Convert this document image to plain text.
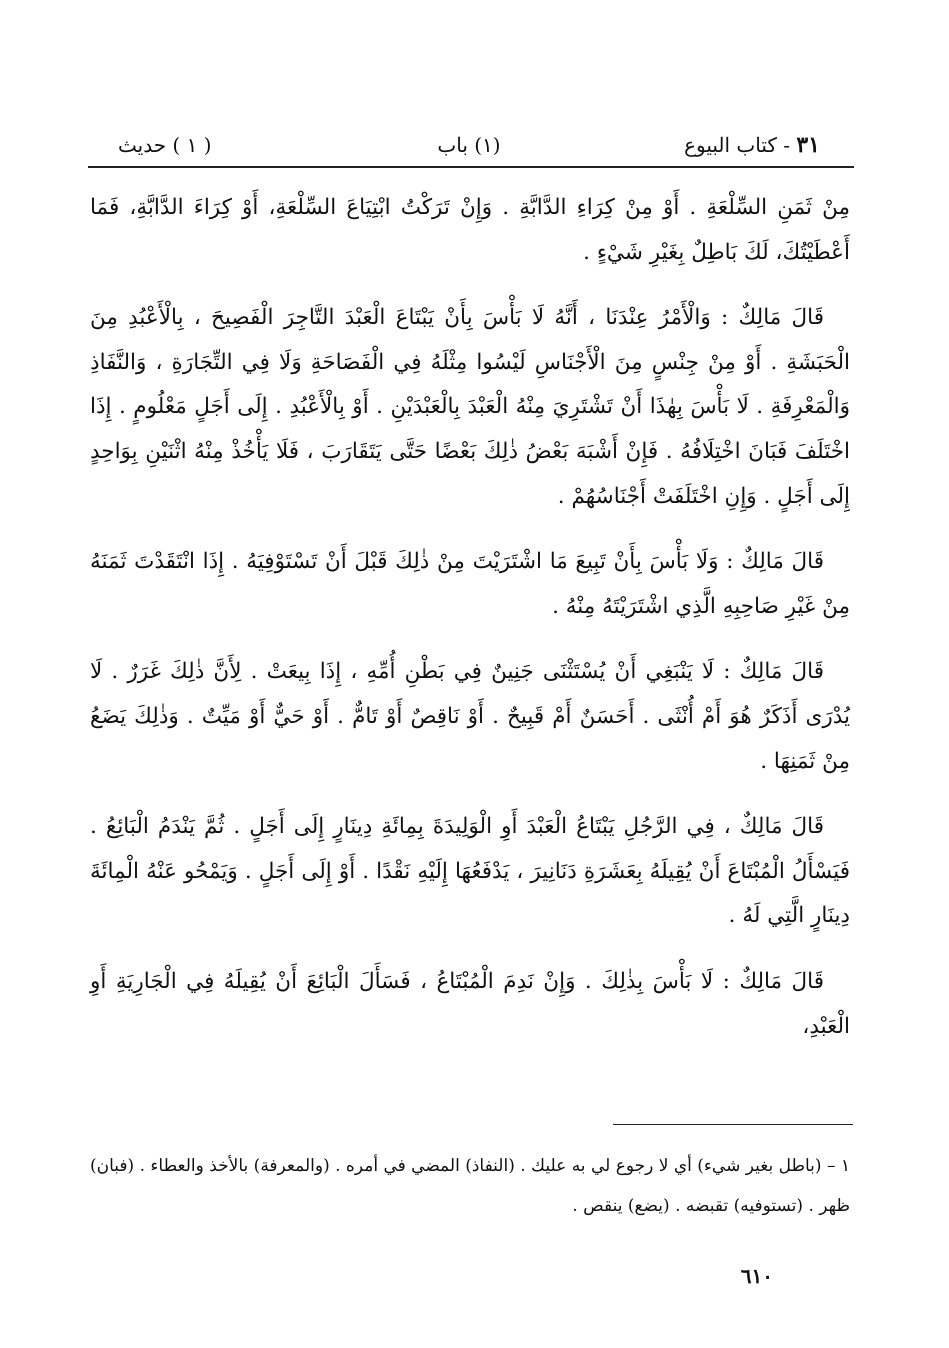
٣١ - كتاب البيوع
(١) باب
( ١ ) حديث

مِنْ ثَمَنِ السِّلْعَةِ . أَوْ مِنْ كِرَاءِ الدَّابَّةِ . وَإِنْ تَرَكْتُ ابْتِيَاعَ السِّلْعَةِ، أَوْ كِرَاءَ الدَّابَّةِ، فَمَا أَعْطَيْتُكَ، لَكَ بَاطِلٌ بِغَيْرِ شَيْءٍ .

قَالَ مَالِكٌ : وَالْأَمْرُ عِنْدَنَا ، أَنَّهُ لَا بَأْسَ بِأَنْ يَبْتَاعَ الْعَبْدَ التَّاجِرَ الْفَصِيحَ ، بِالْأَعْبُدِ مِنَ الْحَبَشَةِ . أَوْ مِنْ جِنْسٍ مِنَ الْأَجْنَاسِ لَيْسُوا مِثْلَهُ فِي الْفَصَاحَةِ وَلَا فِي التِّجَارَةِ ، وَالنَّفَاذِ وَالْمَعْرِفَةِ . لَا بَأْسَ بِهٰذَا أَنْ تَشْتَرِيَ مِنْهُ الْعَبْدَ بِالْعَبْدَيْنِ . أَوْ بِالْأَعْبُدِ . إِلَى أَجَلٍ مَعْلُومٍ . إِذَا اخْتَلَفَ فَبَانَ اخْتِلَافُهُ . فَإِنْ أَشْبَهَ بَعْضُ ذٰلِكَ بَعْضًا حَتَّى يَتَقَارَبَ ، فَلَا يَأْخُذْ مِنْهُ اثْنَيْنِ بِوَاحِدٍ إِلَى أَجَلٍ . وَإِنِ اخْتَلَفَتْ أَجْنَاسُهُمْ .

قَالَ مَالِكٌ : وَلَا بَأْسَ بِأَنْ تَبِيعَ مَا اشْتَرَيْتَ مِنْ ذٰلِكَ قَبْلَ أَنْ تَسْتَوْفِيَهُ . إِذَا انْتَقَدْتَ ثَمَنَهُ مِنْ غَيْرِ صَاحِبِهِ الَّذِي اشْتَرَيْتَهُ مِنْهُ .

قَالَ مَالِكٌ : لَا يَنْبَغِي أَنْ يُسْتَثْنَى جَنِينٌ فِي بَطْنِ أُمِّهِ ، إِذَا بِيعَتْ . لِأَنَّ ذٰلِكَ غَرَرٌ . لَا يُدْرَى أَذَكَرٌ هُوَ أَمْ أُنْثَى . أَحَسَنٌ أَمْ قَبِيحٌ . أَوْ نَاقِصٌ أَوْ تَامٌّ . أَوْ حَيٌّ أَوْ مَيِّتٌ . وَذٰلِكَ يَضَعُ مِنْ ثَمَنِهَا .

قَالَ مَالِكٌ ، فِي الرَّجُلِ يَبْتَاعُ الْعَبْدَ أَوِ الْوَلِيدَةَ بِمِائَةِ دِينَارٍ إِلَى أَجَلٍ . ثُمَّ يَنْدَمُ الْبَائِعُ . فَيَسْأَلُ الْمُبْتَاعَ أَنْ يُقِيلَهُ بِعَشَرَةِ دَنَانِيرَ ، يَدْفَعُهَا إِلَيْهِ نَقْدًا . أَوْ إِلَى أَجَلٍ . وَيَمْحُو عَنْهُ الْمِائَةَ دِينَارٍ الَّتِي لَهُ .

قَالَ مَالِكٌ : لَا بَأْسَ بِذٰلِكَ . وَإِنْ نَدِمَ الْمُبْتَاعُ ، فَسَأَلَ الْبَائِعَ أَنْ يُقِيلَهُ فِي الْجَارِيَةِ أَوِ الْعَبْدِ،

١ – (باطل بغير شيء) أي لا رجوع لي به عليك . (النفاذ) المضي في أمره . (والمعرفة) بالأخذ والعطاء . (فبان) ظهر . (تستوفيه) تقبضه . (يضع) ينقص .
٦١٠
